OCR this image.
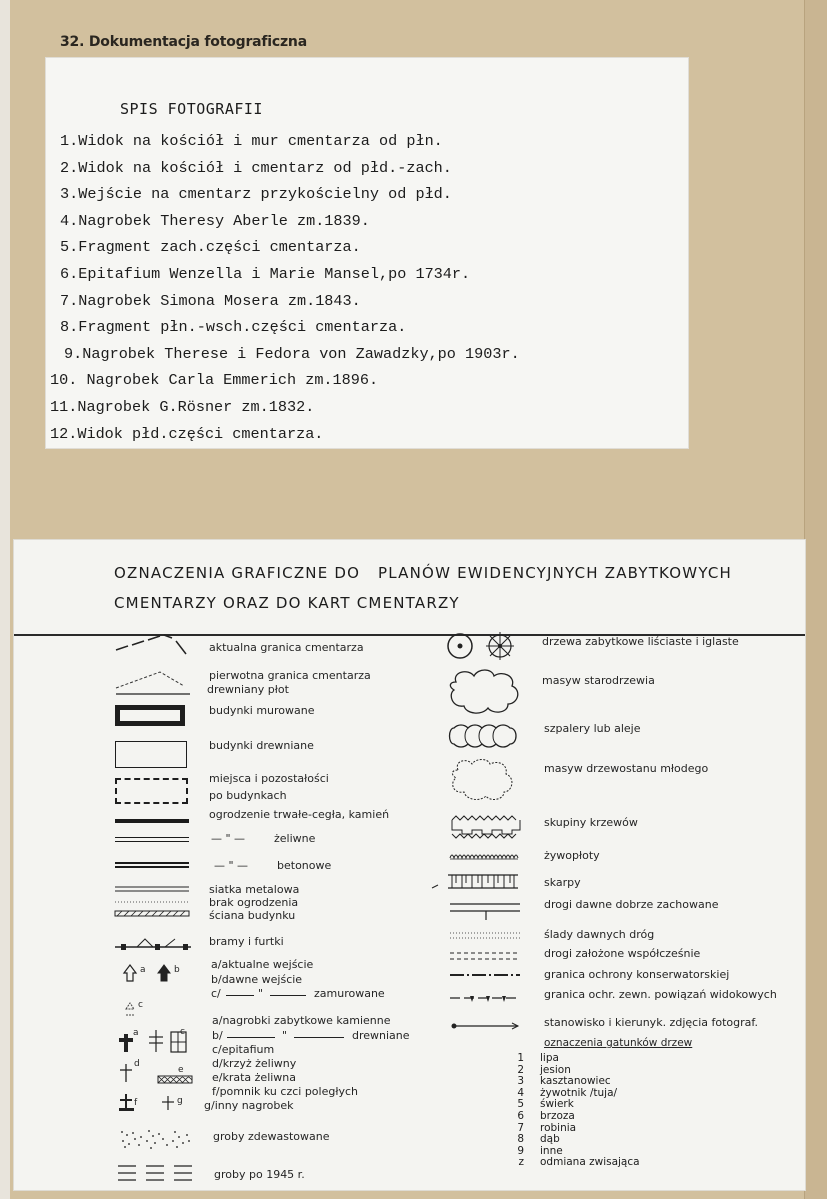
32. Dokumentacja fotograficzna
SPIS FOTOGRAFII
1.Widok na kościół i mur cmentarza od płn.
2.Widok na kościół i cmentarz od płd.-zach.
3.Wejście na cmentarz przykościelny od płd.
4.Nagrobek Theresy Aberle zm.1839.
5.Fragment zach.części cmentarza.
6.Epitafium Wenzella i Marie Mansel,po 1734r.
7.Nagrobek Simona Mosera zm.1843.
8.Fragment płn.-wsch.części cmentarza.
9.Nagrobek Therese i Fedora von Zawadzky,po 1903r.
10. Nagrobek Carla Emmerich zm.1896.
11.Nagrobek G.Rösner zm.1832.
12.Widok płd.części cmentarza.
OZNACZENIA GRAFICZNE DO   PLANÓW EWIDENCYJNYCH ZABYTKOWYCH
CMENTARZY ORAZ DO KART CMENTARZY
aktualna granica cmentarza
pierwotna granica cmentarza
drewniany płot
budynki murowane
budynki drewniane
miejsca i pozostałości
po budynkach
ogrodzenie trwałe-cegła, kamień
— " —	żeliwne
— " —	betonowe
siatka metalowa
brak ogrodzenia
ściana budynku
bramy i furtki
a	b
c
a/aktualne wejście
b/dawne wejście
c/	"	zamurowane
a	c
d
e
f	g
a/nagrobki zabytkowe kamienne
b/	"	drewniane
c/epitafium
d/krzyż żeliwny
e/krata żeliwna
f/pomnik ku czci poległych
g/inny nagrobek
groby zdewastowane
groby po 1945 r.
drzewa zabytkowe liściaste i iglaste
masyw starodrzewia
szpalery lub aleje
masyw drzewostanu młodego
skupiny krzewów
żywopłoty
skarpy
drogi dawne dobrze zachowane
ślady dawnych dróg
drogi założone współcześnie
granica ochrony konserwatorskiej
granica ochr. zewn. powiązań widokowych
stanowisko i kierunyk. zdjęcia fotograf.
oznaczenia gatunków drzew
1 lipa
2 jesion
3 kasztanowiec
4 żywotnik /tuja/
5 świerk
6 brzoza
7 robinia
8 dąb
9 inne
z odmiana zwisająca
